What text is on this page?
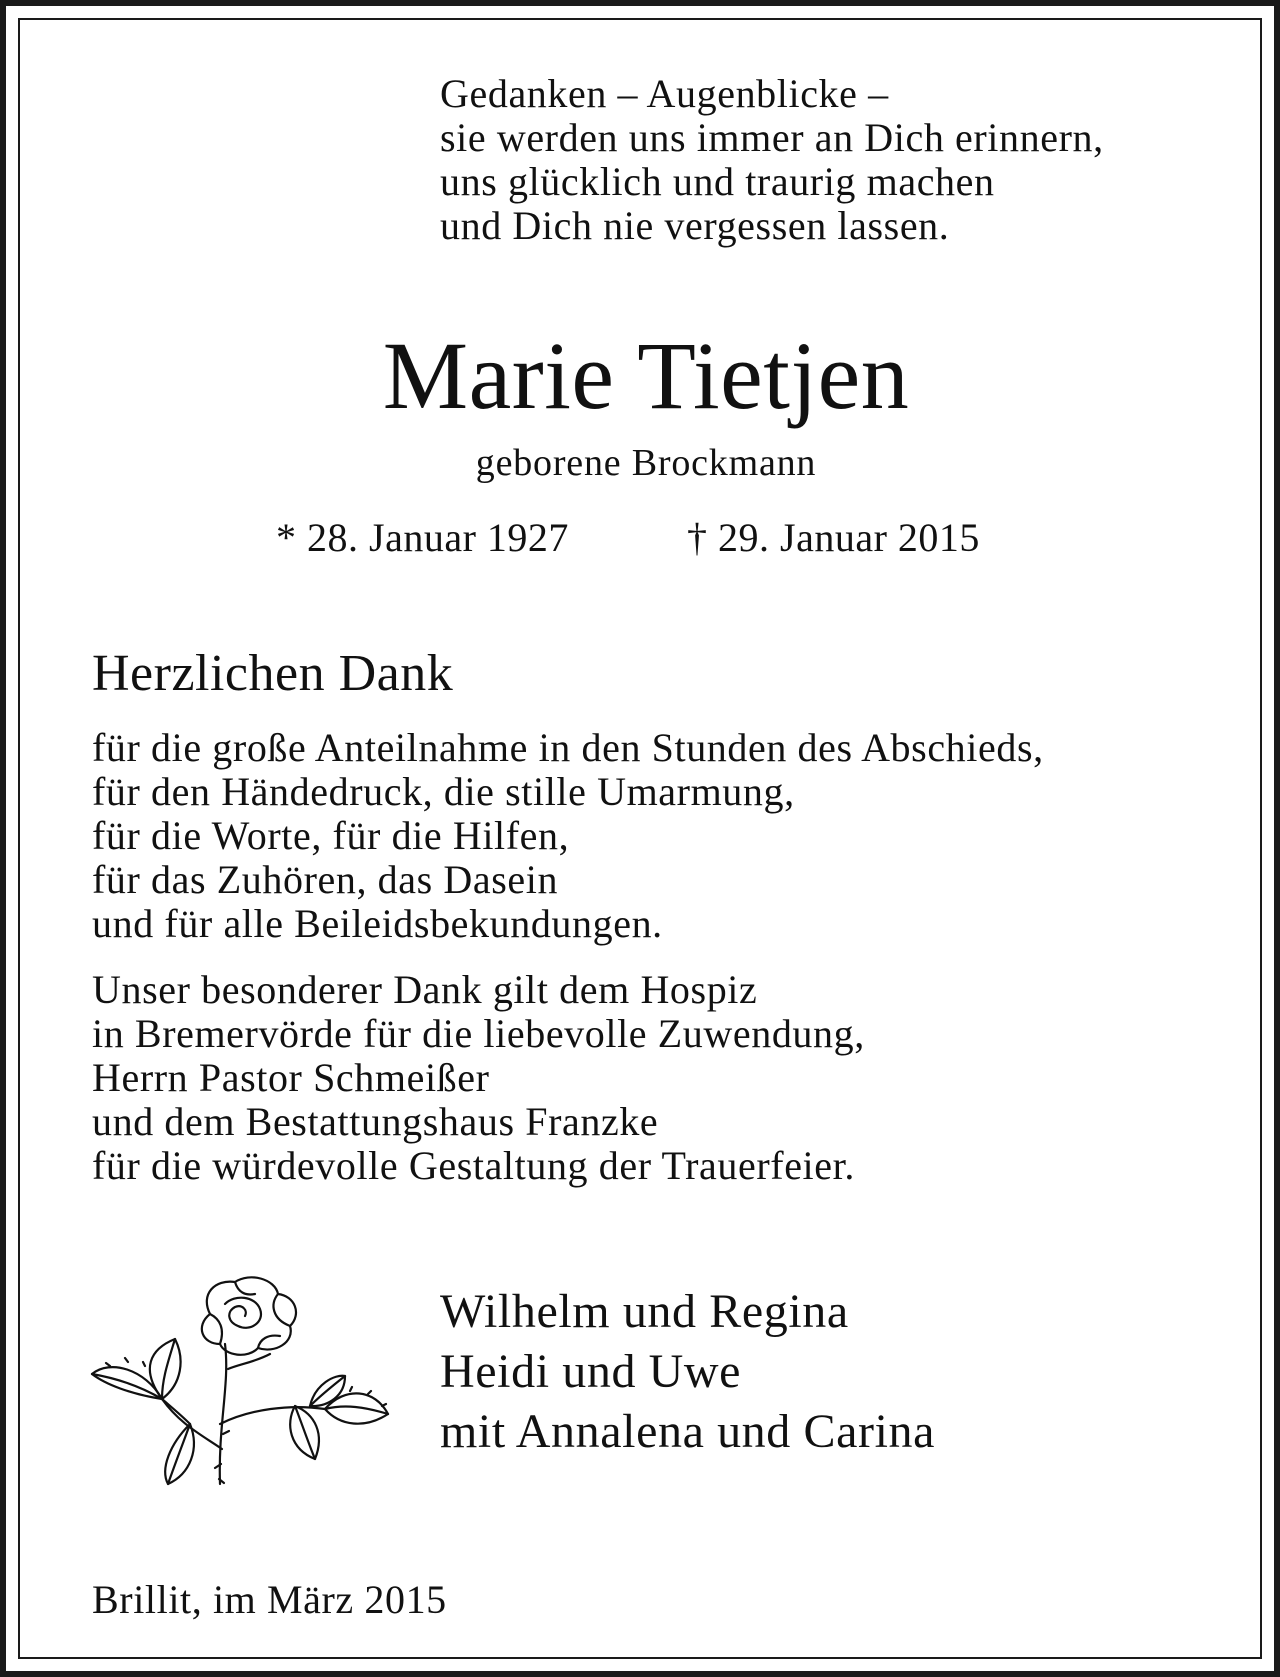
Gedanken – Augenblicke –
sie werden uns immer an Dich erinnern,
uns glücklich und traurig machen
und Dich nie vergessen lassen.
Marie Tietjen
geborene Brockmann
* 28. Januar 1927	† 29. Januar 2015
Herzlichen Dank
für die große Anteilnahme in den Stunden des Abschieds,
für den Händedruck, die stille Umarmung,
für die Worte, für die Hilfen,
für das Zuhören, das Dasein
und für alle Beileidsbekundungen.
Unser besonderer Dank gilt dem Hospiz
in Bremervörde für die liebevolle Zuwendung,
Herrn Pastor Schmeißer
und dem Bestattungshaus Franzke
für die würdevolle Gestaltung der Trauerfeier.
Wilhelm und Regina
Heidi und Uwe
mit Annalena und Carina
Brillit, im März 2015
